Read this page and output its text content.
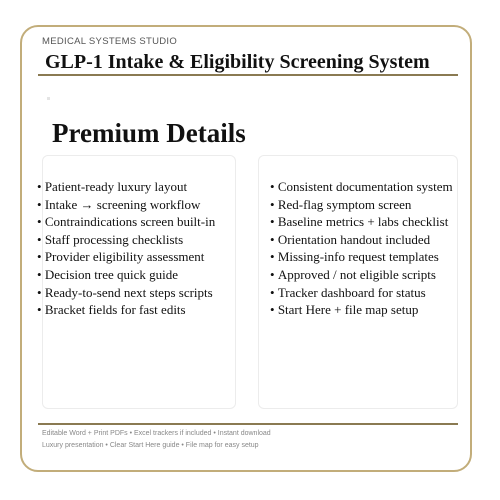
MEDICAL SYSTEMS STUDIO
GLP-1 Intake & Eligibility Screening System
Premium Details
• Patient-ready luxury layout
• Intake → screening workflow
• Contraindications screen built-in
• Staff processing checklists
• Provider eligibility assessment
• Decision tree quick guide
• Ready-to-send next steps scripts
• Bracket fields for fast edits
• Consistent documentation system
• Red-flag symptom screen
• Baseline metrics + labs checklist
• Orientation handout included
• Missing-info request templates
• Approved / not eligible scripts
• Tracker dashboard for status
• Start Here + file map setup
Editable Word + Print PDFs • Excel trackers if included • Instant download
Luxury presentation • Clear Start Here guide • File map for easy setup
